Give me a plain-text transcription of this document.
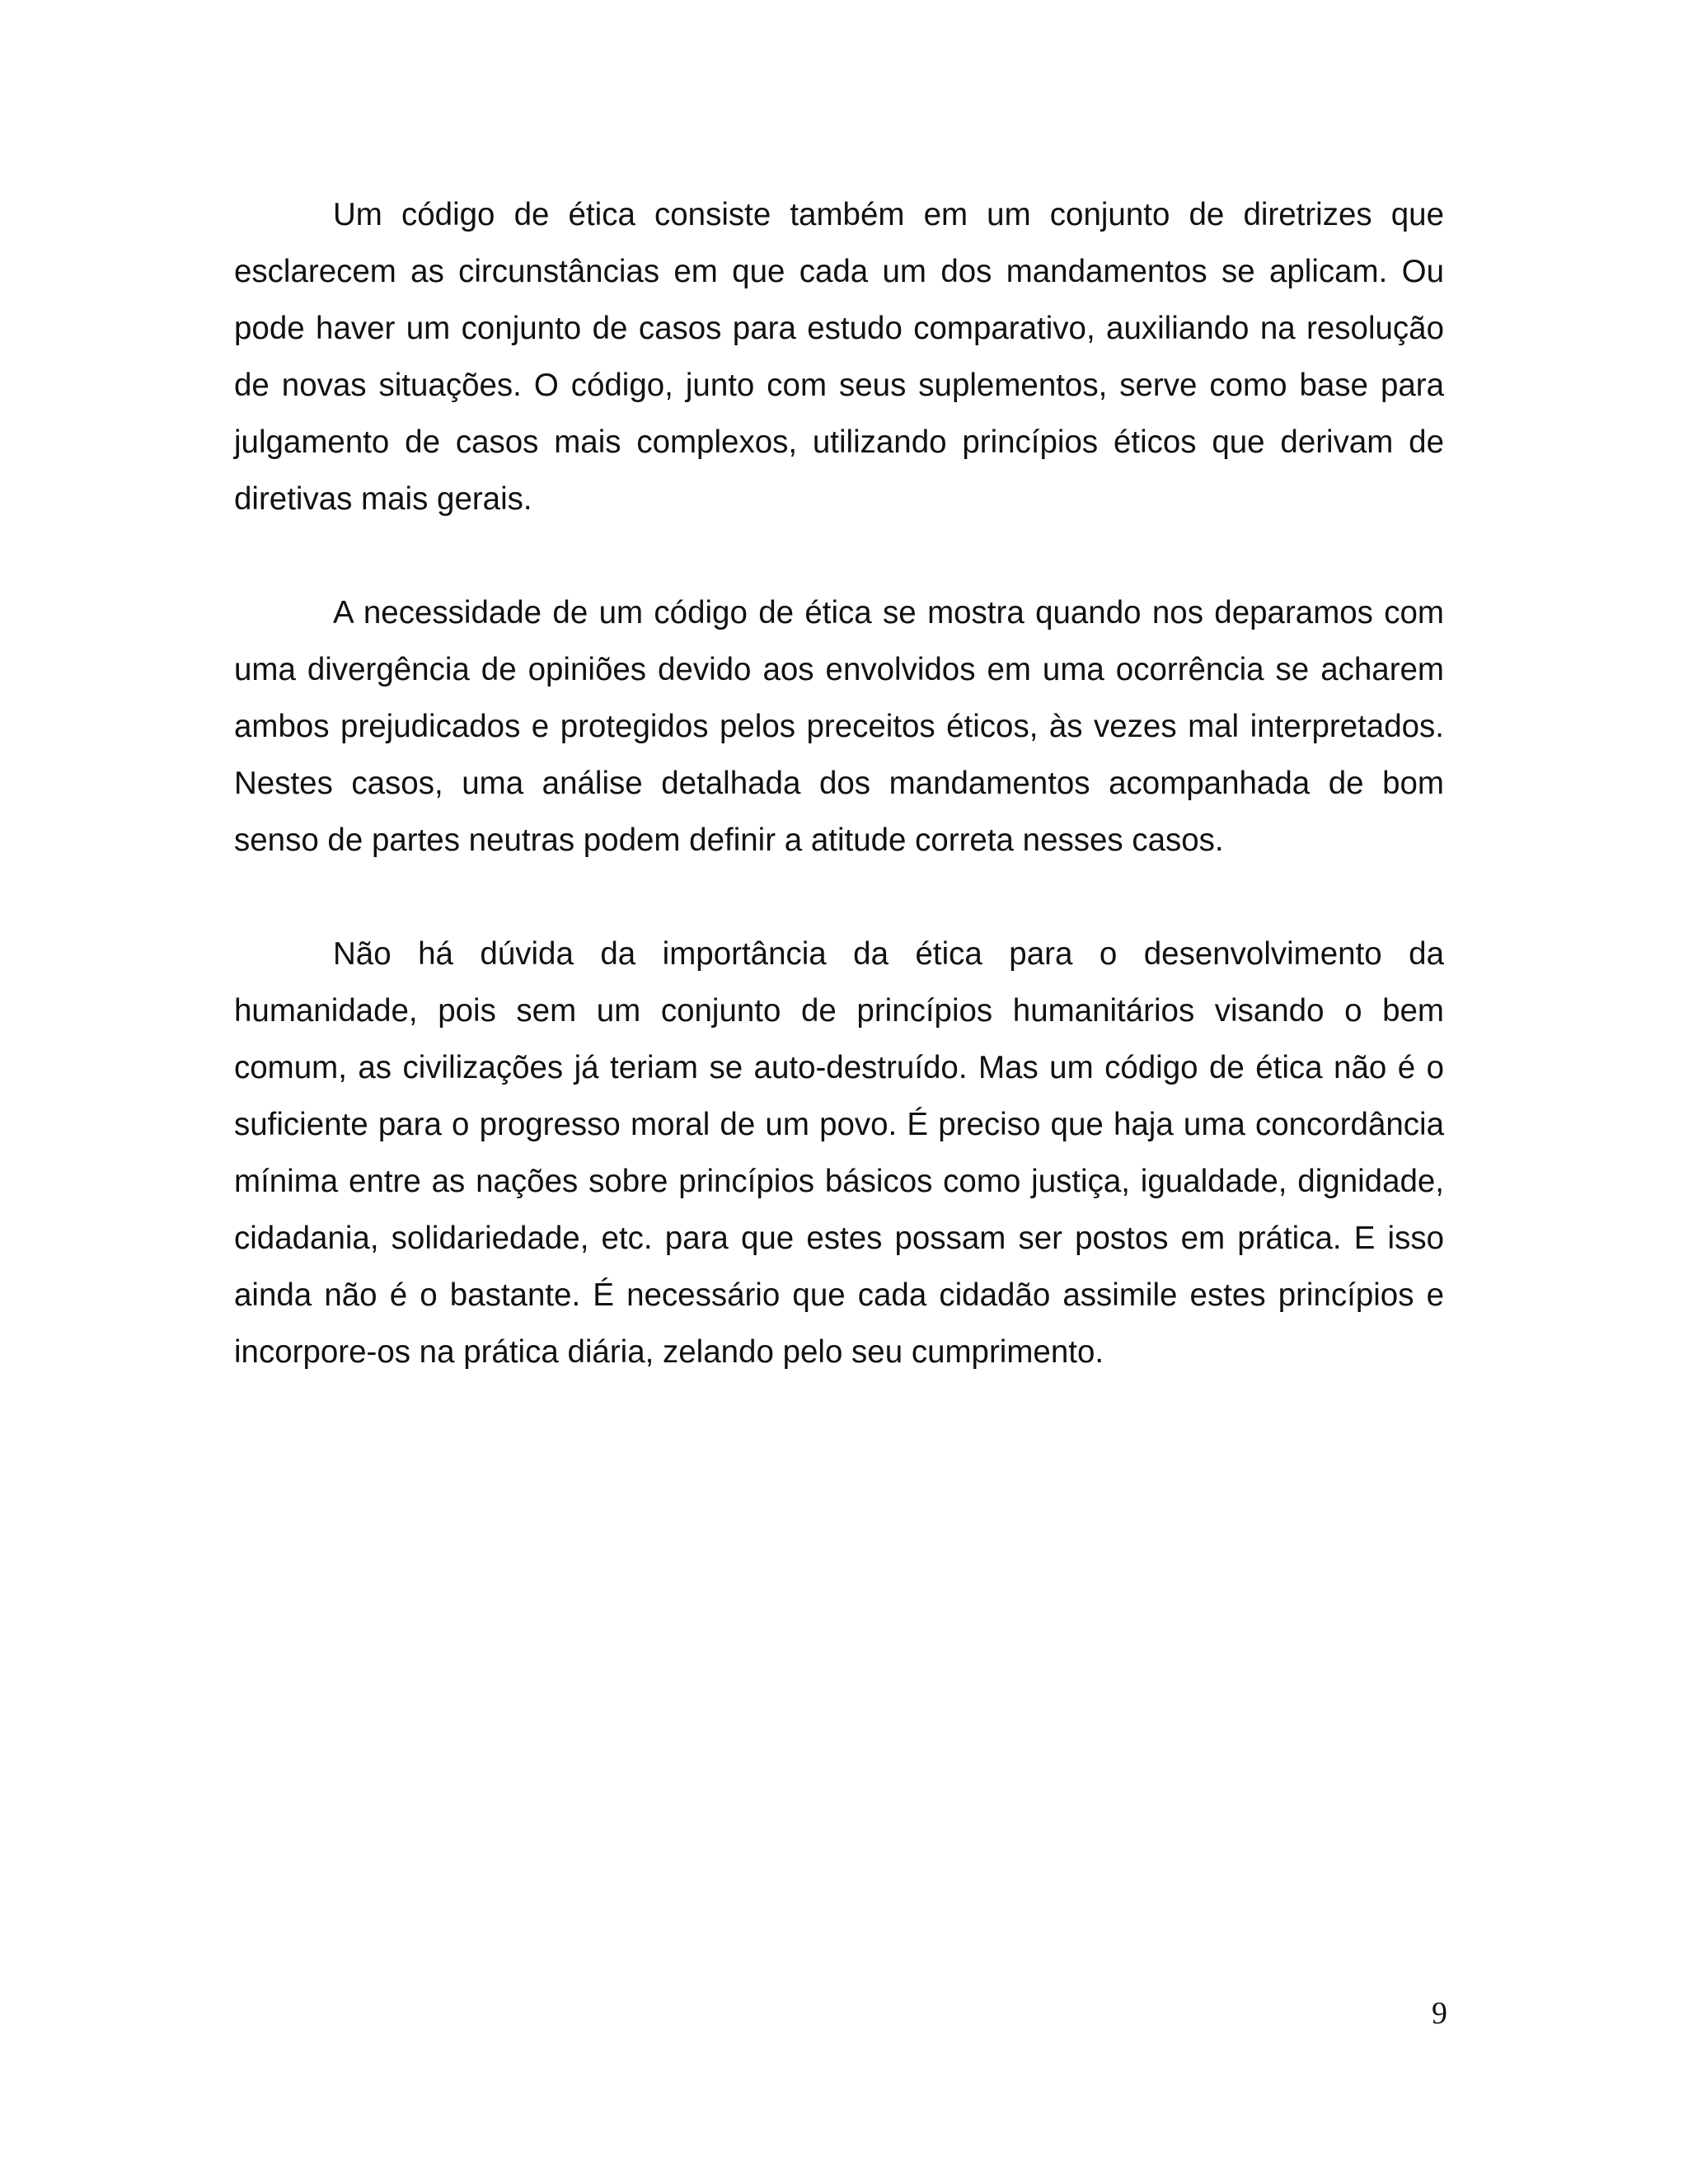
Um código de ética consiste também em um conjunto de diretrizes que esclarecem as circunstâncias em que cada um dos mandamentos se aplicam. Ou pode haver um conjunto de casos para estudo comparativo, auxiliando na resolução de novas situações. O código, junto com seus suplementos, serve como base para julgamento de casos mais complexos, utilizando princípios éticos que derivam de diretivas mais gerais.

A necessidade de um código de ética se mostra quando nos deparamos com uma divergência de opiniões devido aos envolvidos em uma ocorrência se acharem ambos prejudicados e protegidos pelos preceitos éticos, às vezes mal interpretados. Nestes casos, uma análise detalhada dos mandamentos acompanhada de bom senso de partes neutras podem definir a atitude correta nesses casos.

Não há dúvida da importância da ética para o desenvolvimento da humanidade, pois sem um conjunto de princípios humanitários visando o bem comum, as civilizações já teriam se auto-destruído. Mas um código de ética não é o suficiente para o progresso moral de um povo. É preciso que haja uma concordância mínima entre as nações sobre princípios básicos como justiça, igualdade, dignidade, cidadania, solidariedade, etc. para que estes possam ser postos em prática. E isso ainda não é o bastante. É necessário que cada cidadão assimile estes princípios e incorpore-os na prática diária, zelando pelo seu cumprimento.

9
